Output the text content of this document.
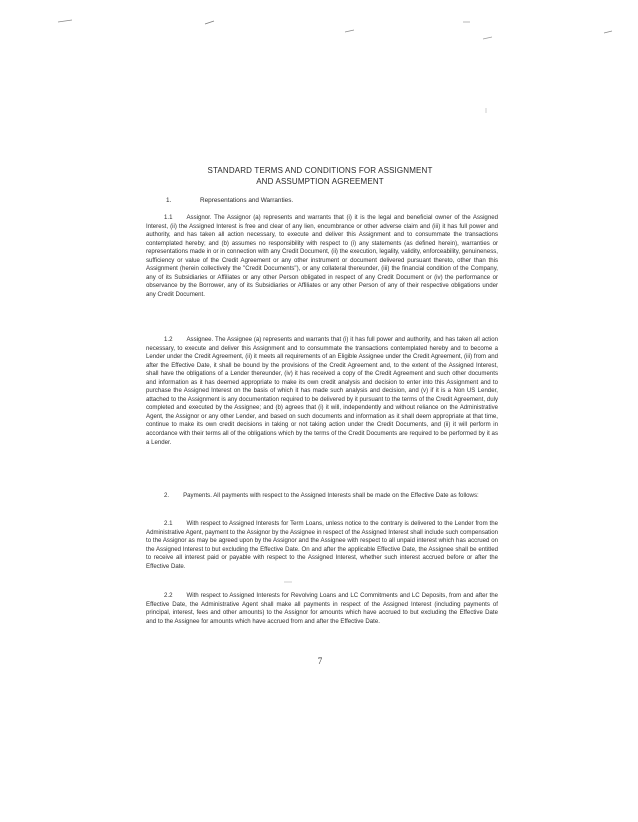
STANDARD TERMS AND CONDITIONS FOR ASSIGNMENT
AND ASSUMPTION AGREEMENT
1.	Representations and Warranties.

1.1 Assignor. The Assignor (a) represents and warrants that (i) it is the legal and beneficial owner of the Assigned Interest, (ii) the Assigned Interest is free and clear of any lien, encumbrance or other adverse claim and (iii) it has full power and authority, and has taken all action necessary, to execute and deliver this Assignment and to consummate the transactions contemplated hereby; and (b) assumes no responsibility with respect to (i) any statements (as defined herein), warranties or representations made in or in connection with any Credit Document, (ii) the execution, legality, validity, enforceability, genuineness, sufficiency or value of the Credit Agreement or any other instrument or document delivered pursuant thereto, other than this Assignment (herein collectively the "Credit Documents"), or any collateral thereunder, (iii) the financial condition of the Company, any of its Subsidiaries or Affiliates or any other Person obligated in respect of any Credit Document or (iv) the performance or observance by the Borrower, any of its Subsidiaries or Affiliates or any other Person of any of their respective obligations under any Credit Document.

1.2 Assignee. The Assignee (a) represents and warrants that (i) it has full power and authority, and has taken all action necessary, to execute and deliver this Assignment and to consummate the transactions contemplated hereby and to become a Lender under the Credit Agreement, (ii) it meets all requirements of an Eligible Assignee under the Credit Agreement, (iii) from and after the Effective Date, it shall be bound by the provisions of the Credit Agreement and, to the extent of the Assigned Interest, shall have the obligations of a Lender thereunder, (iv) it has received a copy of the Credit Agreement and such other documents and information as it has deemed appropriate to make its own credit analysis and decision to enter into this Assignment and to purchase the Assigned Interest on the basis of which it has made such analysis and decision, and (v) if it is a Non US Lender, attached to the Assignment is any documentation required to be delivered by it pursuant to the terms of the Credit Agreement, duly completed and executed by the Assignee; and (b) agrees that (i) it will, independently and without reliance on the Administrative Agent, the Assignor or any other Lender, and based on such documents and information as it shall deem appropriate at that time, continue to make its own credit decisions in taking or not taking action under the Credit Documents, and (ii) it will perform in accordance with their terms all of the obligations which by the terms of the Credit Documents are required to be performed by it as a Lender.

2. Payments. All payments with respect to the Assigned Interests shall be made on the Effective Date as follows:

2.1 With respect to Assigned Interests for Term Loans, unless notice to the contrary is delivered to the Lender from the Administrative Agent, payment to the Assignor by the Assignee in respect of the Assigned Interest shall include such compensation to the Assignor as may be agreed upon by the Assignor and the Assignee with respect to all unpaid interest which has accrued on the Assigned Interest to but excluding the Effective Date. On and after the applicable Effective Date, the Assignee shall be entitled to receive all interest paid or payable with respect to the Assigned Interest, whether such interest accrued before or after the Effective Date.

2.2 With respect to Assigned Interests for Revolving Loans and LC Commitments and LC Deposits, from and after the Effective Date, the Administrative Agent shall make all payments in respect of the Assigned Interest (including payments of principal, interest, fees and other amounts) to the Assignor for amounts which have accrued to but excluding the Effective Date and to the Assignee for amounts which have accrued from and after the Effective Date.

7
